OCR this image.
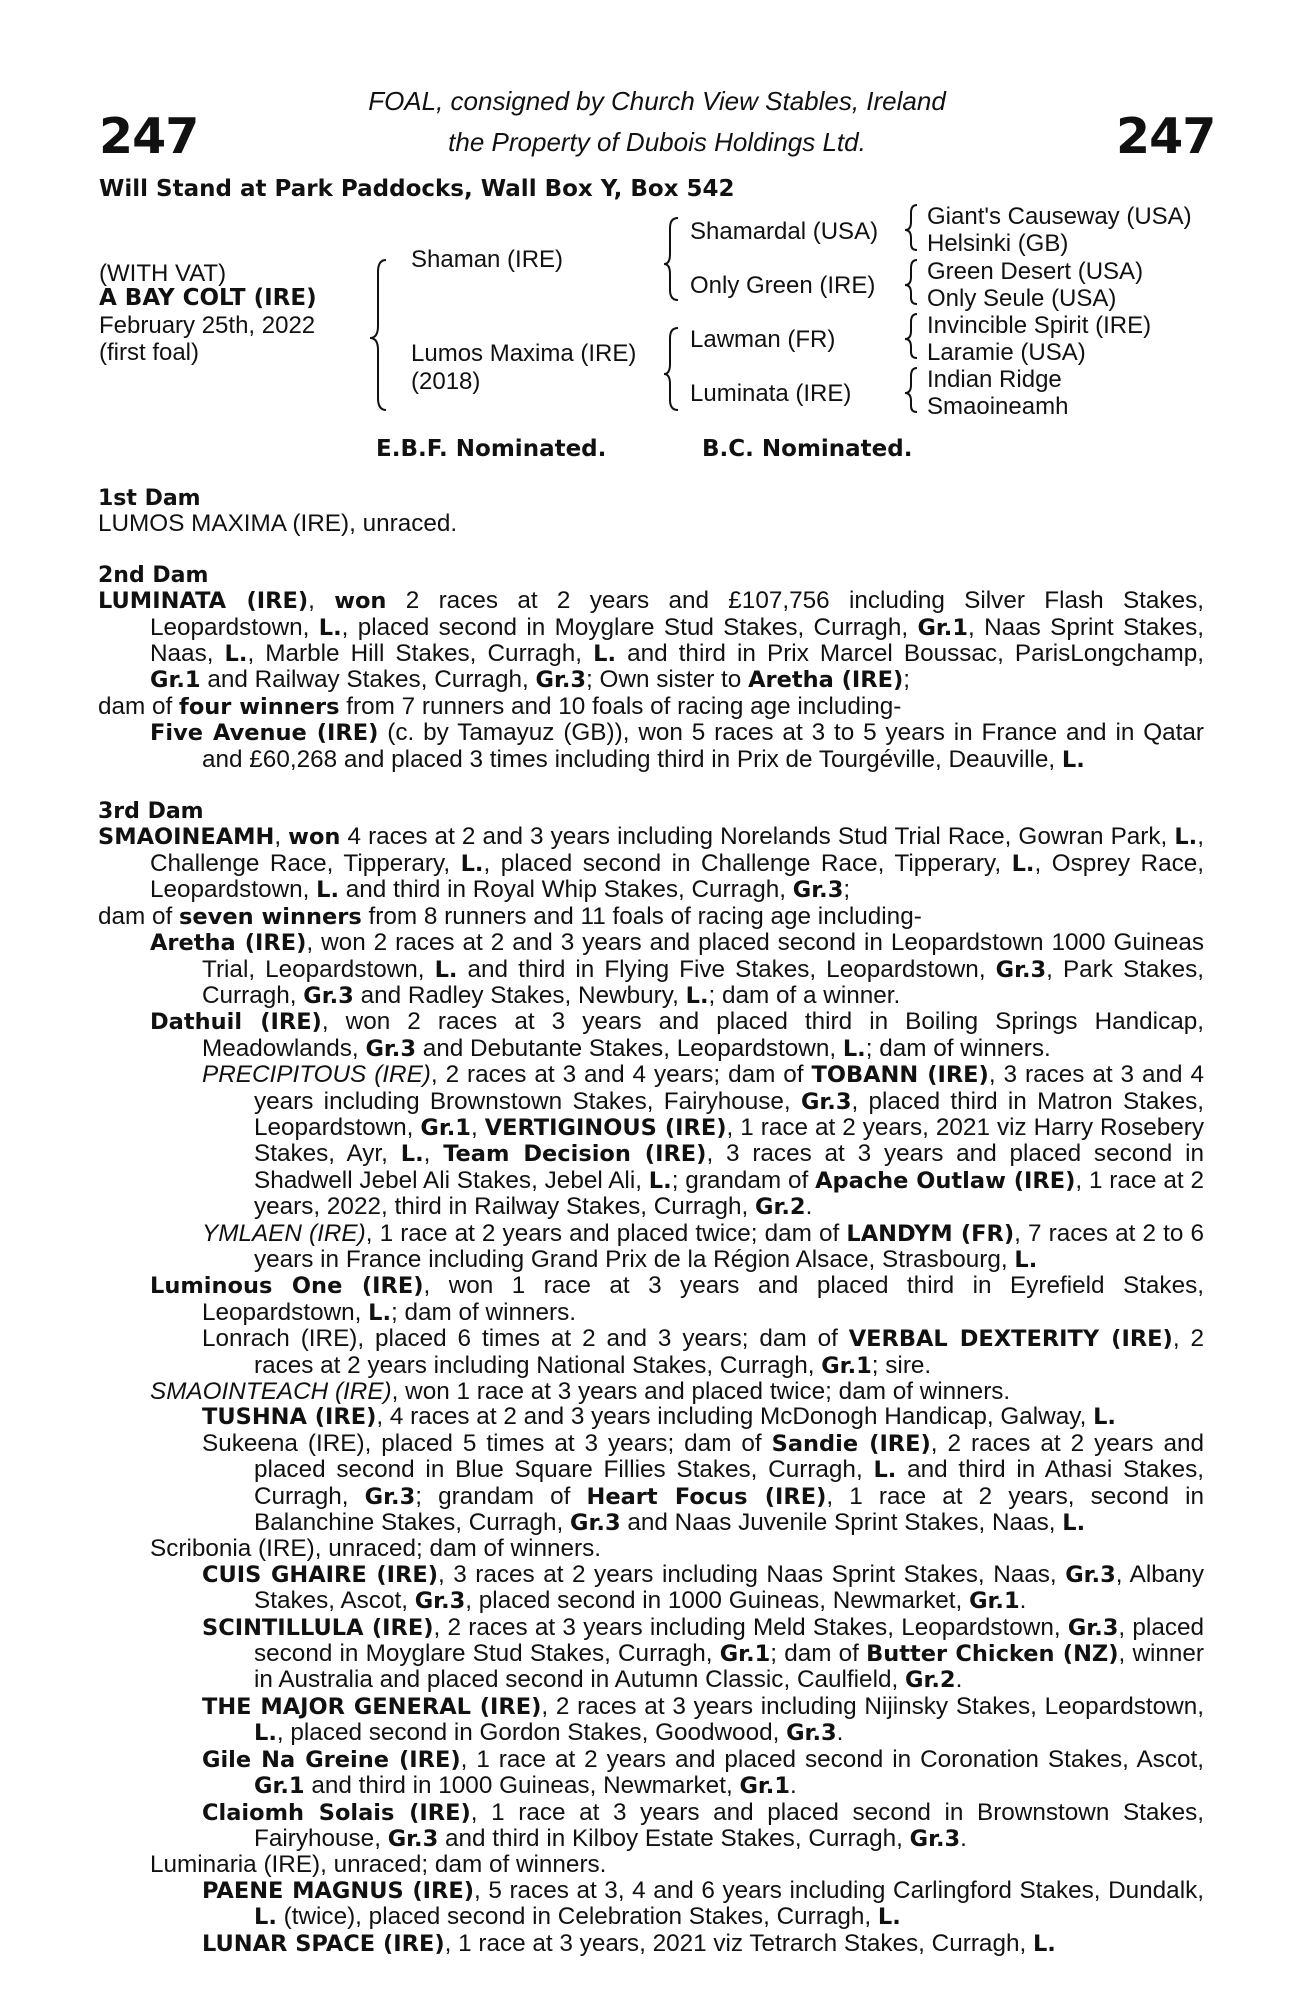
247	247
FOAL, consigned by Church View Stables, Ireland
the Property of Dubois Holdings Ltd.
Will Stand at Park Paddocks, Wall Box Y, Box 542
(WITH VAT)
A BAY COLT (IRE)
February 25th, 2022
(first foal)
Shaman (IRE)
Lumos Maxima (IRE)
(2018)
Shamardal (USA)
Only Green (IRE)
Lawman (FR)
Luminata (IRE)
Giant's Causeway (USA)
Helsinki (GB)
Green Desert (USA)
Only Seule (USA)
Invincible Spirit (IRE)
Laramie (USA)
Indian Ridge
Smaoineamh
E.B.F. Nominated.	B.C. Nominated.

1st Dam

LUMOS MAXIMA (IRE), unraced.

2nd Dam

LUMINATA (IRE), won 2 races at 2 years and £107,756 including Silver Flash Stakes, Leopardstown, L., placed second in Moyglare Stud Stakes, Curragh, Gr.1, Naas Sprint Stakes, Naas, L., Marble Hill Stakes, Curragh, L. and third in Prix Marcel Boussac, ParisLongchamp, Gr.1 and Railway Stakes, Curragh, Gr.3; Own sister to Aretha (IRE);

dam of four winners from 7 runners and 10 foals of racing age including-

Five Avenue (IRE) (c. by Tamayuz (GB)), won 5 races at 3 to 5 years in France and in Qatar and £60,268 and placed 3 times including third in Prix de Tourgéville, Deauville, L.

3rd Dam

SMAOINEAMH, won 4 races at 2 and 3 years including Norelands Stud Trial Race, Gowran Park, L., Challenge Race, Tipperary, L., placed second in Challenge Race, Tipperary, L., Osprey Race, Leopardstown, L. and third in Royal Whip Stakes, Curragh, Gr.3;

dam of seven winners from 8 runners and 11 foals of racing age including-

Aretha (IRE), won 2 races at 2 and 3 years and placed second in Leopardstown 1000 Guineas Trial, Leopardstown, L. and third in Flying Five Stakes, Leopardstown, Gr.3, Park Stakes, Curragh, Gr.3 and Radley Stakes, Newbury, L.; dam of a winner.

Dathuil (IRE), won 2 races at 3 years and placed third in Boiling Springs Handicap, Meadowlands, Gr.3 and Debutante Stakes, Leopardstown, L.; dam of winners.

PRECIPITOUS (IRE), 2 races at 3 and 4 years; dam of TOBANN (IRE), 3 races at 3 and 4 years including Brownstown Stakes, Fairyhouse, Gr.3, placed third in Matron Stakes, Leopardstown, Gr.1, VERTIGINOUS (IRE), 1 race at 2 years, 2021 viz Harry Rosebery Stakes, Ayr, L., Team Decision (IRE), 3 races at 3 years and placed second in Shadwell Jebel Ali Stakes, Jebel Ali, L.; grandam of Apache Outlaw (IRE), 1 race at 2 years, 2022, third in Railway Stakes, Curragh, Gr.2.

YMLAEN (IRE), 1 race at 2 years and placed twice; dam of LANDYM (FR), 7 races at 2 to 6 years in France including Grand Prix de la Région Alsace, Strasbourg, L.

Luminous One (IRE), won 1 race at 3 years and placed third in Eyrefield Stakes, Leopardstown, L.; dam of winners.

Lonrach (IRE), placed 6 times at 2 and 3 years; dam of VERBAL DEXTERITY (IRE), 2 races at 2 years including National Stakes, Curragh, Gr.1; sire.

SMAOINTEACH (IRE), won 1 race at 3 years and placed twice; dam of winners.

TUSHNA (IRE), 4 races at 2 and 3 years including McDonogh Handicap, Galway, L.

Sukeena (IRE), placed 5 times at 3 years; dam of Sandie (IRE), 2 races at 2 years and placed second in Blue Square Fillies Stakes, Curragh, L. and third in Athasi Stakes, Curragh, Gr.3; grandam of Heart Focus (IRE), 1 race at 2 years, second in Balanchine Stakes, Curragh, Gr.3 and Naas Juvenile Sprint Stakes, Naas, L.

Scribonia (IRE), unraced; dam of winners.

CUIS GHAIRE (IRE), 3 races at 2 years including Naas Sprint Stakes, Naas, Gr.3, Albany Stakes, Ascot, Gr.3, placed second in 1000 Guineas, Newmarket, Gr.1.

SCINTILLULA (IRE), 2 races at 3 years including Meld Stakes, Leopardstown, Gr.3, placed second in Moyglare Stud Stakes, Curragh, Gr.1; dam of Butter Chicken (NZ), winner in Australia and placed second in Autumn Classic, Caulfield, Gr.2.

THE MAJOR GENERAL (IRE), 2 races at 3 years including Nijinsky Stakes, Leopardstown, L., placed second in Gordon Stakes, Goodwood, Gr.3.

Gile Na Greine (IRE), 1 race at 2 years and placed second in Coronation Stakes, Ascot, Gr.1 and third in 1000 Guineas, Newmarket, Gr.1.

Claiomh Solais (IRE), 1 race at 3 years and placed second in Brownstown Stakes, Fairyhouse, Gr.3 and third in Kilboy Estate Stakes, Curragh, Gr.3.

Luminaria (IRE), unraced; dam of winners.

PAENE MAGNUS (IRE), 5 races at 3, 4 and 6 years including Carlingford Stakes, Dundalk, L. (twice), placed second in Celebration Stakes, Curragh, L.

LUNAR SPACE (IRE), 1 race at 3 years, 2021 viz Tetrarch Stakes, Curragh, L.
